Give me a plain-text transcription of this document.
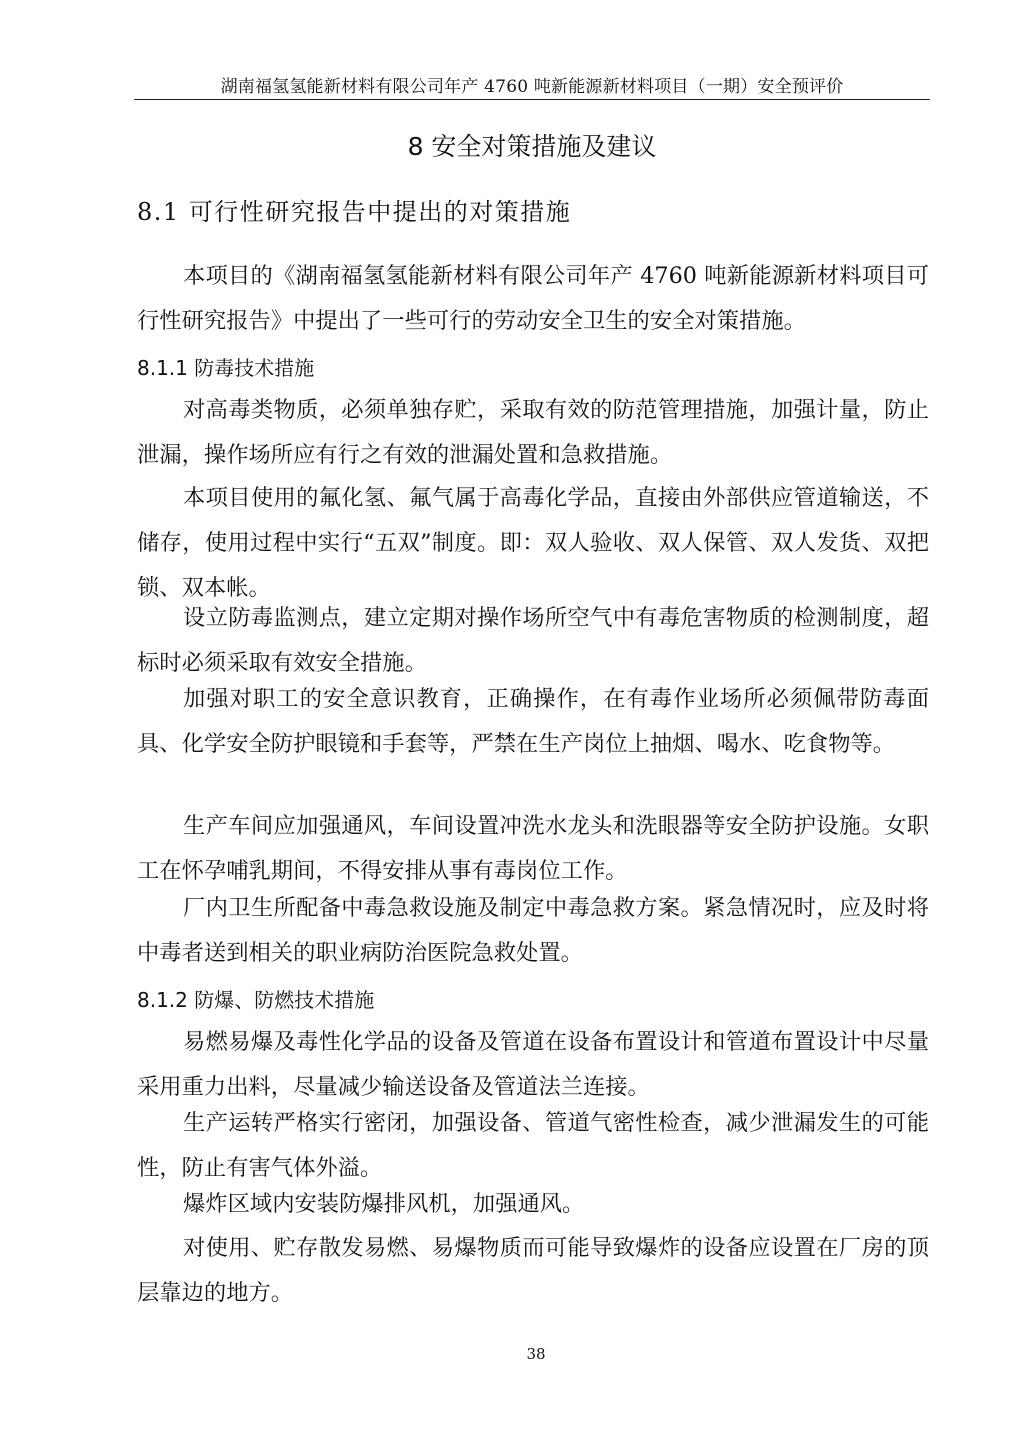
湖南福氢氢能新材料有限公司年产 4760 吨新能源新材料项目（一期）安全预评价
8 安全对策措施及建议
8.1 可行性研究报告中提出的对策措施

本项目的《湖南福氢氢能新材料有限公司年产 4760 吨新能源新材料项目可行性研究报告》中提出了一些可行的劳动安全卫生的安全对策措施。

8.1.1 防毒技术措施

对高毒类物质，必须单独存贮，采取有效的防范管理措施，加强计量，防止泄漏，操作场所应有行之有效的泄漏处置和急救措施。

本项目使用的氟化氢、氟气属于高毒化学品，直接由外部供应管道输送，不储存，使用过程中实行“五双”制度。即：双人验收、双人保管、双人发货、双把锁、双本帐。

设立防毒监测点，建立定期对操作场所空气中有毒危害物质的检测制度，超标时必须采取有效安全措施。

加强对职工的安全意识教育，正确操作，在有毒作业场所必须佩带防毒面具、化学安全防护眼镜和手套等，严禁在生产岗位上抽烟、喝水、吃食物等。

生产车间应加强通风，车间设置冲洗水龙头和洗眼器等安全防护设施。女职工在怀孕哺乳期间，不得安排从事有毒岗位工作。

厂内卫生所配备中毒急救设施及制定中毒急救方案。紧急情况时，应及时将中毒者送到相关的职业病防治医院急救处置。

8.1.2 防爆、防燃技术措施

易燃易爆及毒性化学品的设备及管道在设备布置设计和管道布置设计中尽量采用重力出料，尽量减少输送设备及管道法兰连接。

生产运转严格实行密闭，加强设备、管道气密性检查，减少泄漏发生的可能性，防止有害气体外溢。

爆炸区域内安装防爆排风机，加强通风。

对使用、贮存散发易燃、易爆物质而可能导致爆炸的设备应设置在厂房的顶层靠边的地方。

38
